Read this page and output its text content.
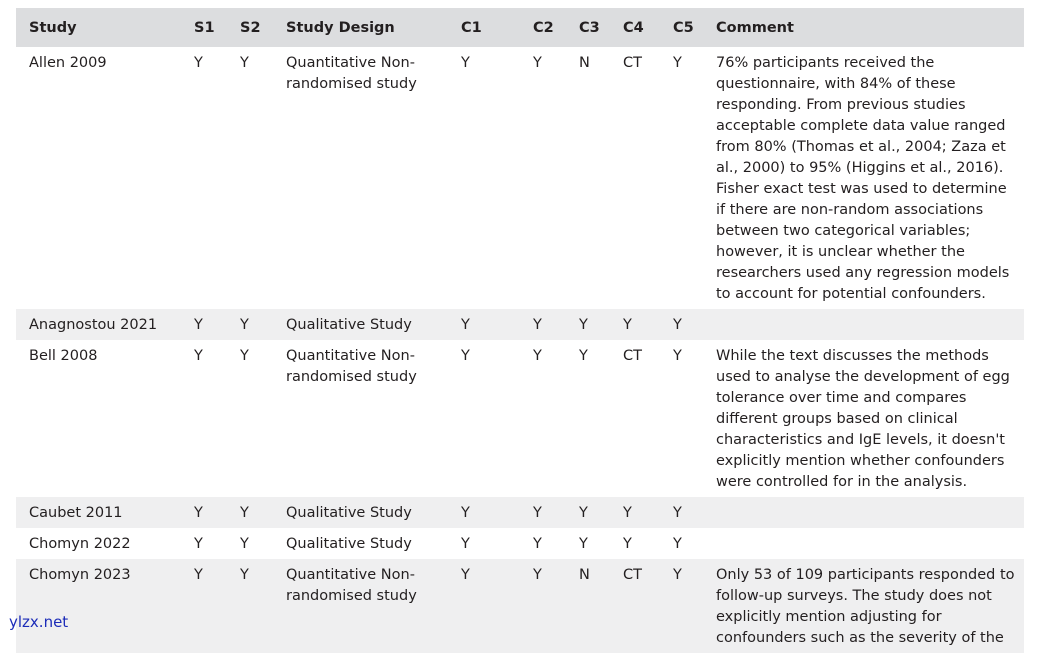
Study	S1	S2	Study Design	C1	C2	C3	C4	C5	Comment
Allen 2009	Y	Y	Quantitative Non-randomised study	Y	Y	N	CT	Y	76% participants received the questionnaire, with 84% of these responding. From previous studies acceptable complete data value ranged from 80% (Thomas et al., 2004; Zaza et al., 2000) to 95% (Higgins et al., 2016). Fisher exact test was used to determine if there are non-random associations between two categorical variables; however, it is unclear whether the researchers used any regression models to account for potential confounders.
Anagnostou 2021	Y	Y	Qualitative Study	Y	Y	Y	Y	Y	
Bell 2008	Y	Y	Quantitative Non-randomised study	Y	Y	Y	CT	Y	While the text discusses the methods used to analyse the development of egg tolerance over time and compares different groups based on clinical characteristics and IgE levels, it doesn't explicitly mention whether confounders were controlled for in the analysis.
Caubet 2011	Y	Y	Qualitative Study	Y	Y	Y	Y	Y	
Chomyn 2022	Y	Y	Qualitative Study	Y	Y	Y	Y	Y	
Chomyn 2023	Y	Y	Quantitative Non-randomised study	Y	Y	N	CT	Y	Only 53 of 109 participants responded to follow-up surveys. The study does not explicitly mention adjusting for confounders such as the severity of the
ylzx.net
